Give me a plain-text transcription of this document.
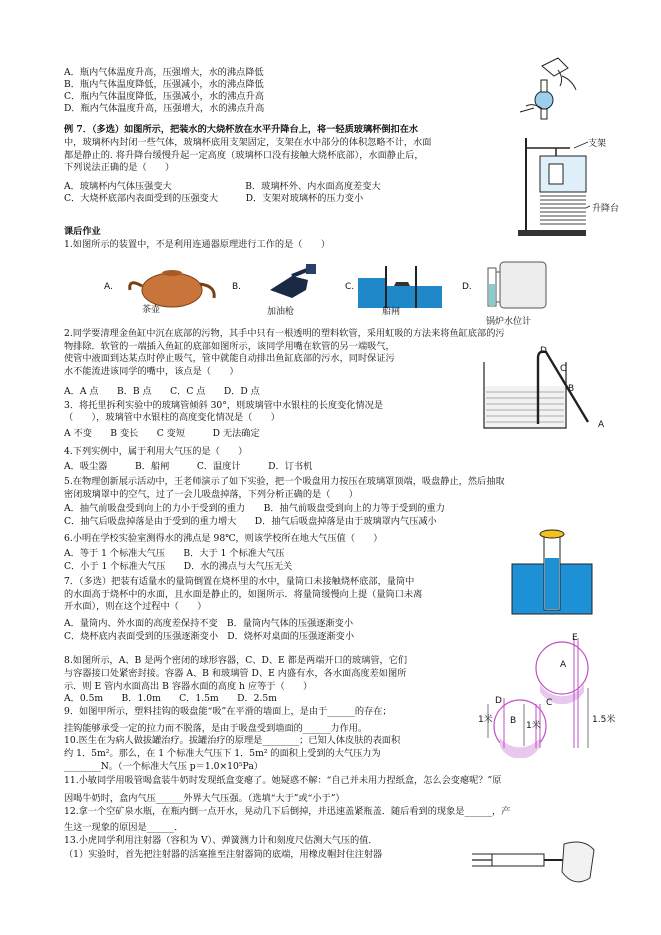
A．瓶内气体温度升高，压强增大，水的沸点降低
B．瓶内气体温度降低，压强减小，水的沸点降低
C．瓶内气体温度降低，压强减小，水的沸点升高
D．瓶内气体温度升高，压强增大，水的沸点升高
例 7．（多选）如图所示，把装水的大烧杯放在水平升降台上，将一轻质玻璃杯倒扣在水
中，玻璃杯内封闭一些气体，玻璃杯底用支架固定，支架在水中部分的体积忽略不计，水面
都是静止的. 将升降台缓慢升起一定高度（玻璃杯口没有接触大烧杯底部），水面静止后，
下列说法正确的是（　　）
A．玻璃杯内气体压强变大　　　　　　　　B．玻璃杯外、内水面高度差变大
C．大烧杯底部内表面受到的压强变大　　　D．支架对玻璃杯的压力变小
课后作业
1.如图所示的装置中，不是利用连通器原理进行工作的是（　　）
2.同学要清理金鱼缸中沉在底部的污物，其手中只有一根透明的塑料软管，采用虹吸的方法来将鱼缸底部的污
物排除．软管的一端插入鱼缸的底部如图所示，该同学用嘴在软管的另一端吸气，
使管中液面到达某点时停止吸气，管中就能自动排出鱼缸底部的污水，同时保证污
水不能流进该同学的嘴中，该点是（　　）
A．A 点　　B．B 点　　C．C 点　　D．D 点
3．将托里拆利实验中的玻璃管倾斜 30°，则玻璃管中水银柱的长度变化情况是
（　　），玻璃管中水银柱的高度变化情况是（　　）
A 不变　　B 变长　　C 变短　　　D 无法确定
4.下列实例中，属于利用大气压的是（　　）
A．吸尘器　　　B．船闸　　　C．温度计　　　D．订书机
5.在物理创新展示活动中，王老师演示了如下实验，把一个吸盘用力按压在玻璃罩顶端，吸盘静止，然后抽取
密闭玻璃罩中的空气，过了一会儿吸盘掉落，下列分析正确的是（　　）
A．抽气前吸盘受到向上的力小于受到的重力　　B．抽气前吸盘受到向上的力等于受到的重力
C．抽气后吸盘掉落是由于受到的重力增大　　D．抽气后吸盘掉落是由于玻璃罩内气压减小
6.小明在学校实验室测得水的沸点是 98℃，则该学校所在地大气压值（　　）
A．等于 1 个标准大气压　　B．大于 1 个标准大气压
C．小于 1 个标准大气压　　D．水的沸点与大气压无关
7．（多选）把装有适量水的量筒倒置在烧杯里的水中，量筒口未接触烧杯底部，量筒中
的水面高于烧杯中的水面，且水面是静止的，如图所示．将量筒缓慢向上提（量筒口未离
开水面），则在这个过程中（　　）
A．量筒内、外水面的高度差保持不变　B．量筒内气体的压强逐渐变小
C．烧杯底内表面受到的压强逐渐变小　D．烧杯对桌面的压强逐渐变小
8.如图所示，A、B 是两个密闭的球形容器，C、D、E 都是两端开口的玻璃管，它们
与容器接口处紧密封接。容器 A、B 和玻璃管 D、E 内盛有水，各水面高度差如图所
示．则 E 管内水面高出 B 容器水面的高度 h 应等于（　　）
A．0.5m　　B．1.0m　　C．1.5m　　D．2.5m
9．如图甲所示，塑料挂钩的吸盘能“吸”在平滑的墙面上，是由于______的存在；
挂钩能够承受一定的拉力而不脱落，是由于吸盘受到墙面的______力作用。
10.医生在为病人做拔罐治疗。拔罐治疗的原理是________；已知人体皮肤的表面积
约 1．5m²。那么，在 1 个标准大气压下 1．5m² 的面积上受到的大气压力为
________N。（一个标准大气压 p＝1.0×10⁵Pa）
11.小敏同学用吸管喝盒装牛奶时发现纸盒变瘪了。她疑惑不解：“自己并未用力捏纸盒，怎么会变瘪呢？”原
因喝牛奶时，盒内气压______外界大气压强。（选填“大于”或“小于”）
12.拿一个空矿泉水瓶，在瓶内倒一点开水，晃动几下后倒掉，并迅速盖紧瓶盖．随后看到的现象是______，产
生这一现象的原因是______．
13.小虎同学利用注射器（容积为 V）、弹簧测力计和刻度尺估测大气压的值．
（1）实验时，首先把注射器的活塞推至注射器筒的底端，用橡皮帽封住注射器
支架
升降台
A.
茶壶
B.
加油枪
C.
船闸
D.
锅炉水位计
D
A
B
C
E
A
D	C
B
1米
1米
1.5米
